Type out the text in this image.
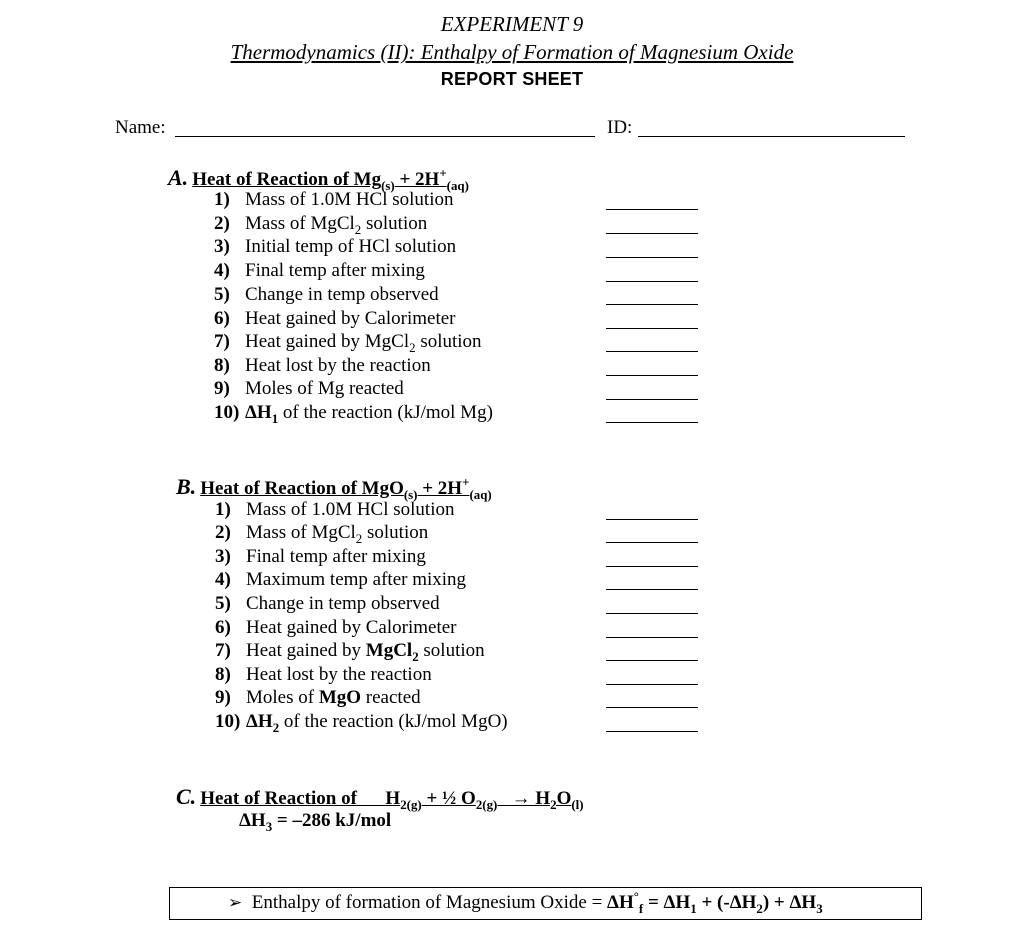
EXPERIMENT 9
Thermodynamics (II): Enthalpy of Formation of Magnesium Oxide
REPORT SHEET
Name:	ID:
A. Heat of Reaction of $Mg_{(s)} + 2H^+_{(aq)}$
1) Mass of 1.0M HCl solution
2) Mass of MgCl$_2$ solution
3) Initial temp of HCl solution
4) Final temp after mixing
5) Change in temp observed
6) Heat gained by Calorimeter
7) Heat gained by MgCl$_2$ solution
8) Heat lost by the reaction
9) Moles of Mg reacted
10) $\Delta H_1$ of the reaction (kJ/mol Mg)
B. Heat of Reaction of $MgO_{(s)} + 2H^+_{(aq)}$
1) Mass of 1.0M HCl solution
2) Mass of MgCl$_2$ solution
3) Final temp after mixing
4) Maximum temp after mixing
5) Change in temp observed
6) Heat gained by Calorimeter
7) Heat gained by MgCl$_2$ solution
8) Heat lost by the reaction
9) Moles of MgO reacted
10) $\Delta H_2$ of the reaction (kJ/mol MgO)
C. Heat of Reaction of $H_{2(g)}$ + ½ $O_{2(g)} \to H_2O_{(l)}$
$\Delta H_3 = -286$ kJ/mol
➢ Enthalpy of formation of Magnesium Oxide = $\Delta H^\circ_f = \Delta H_1 + (-\Delta H_2) + \Delta H_3$
